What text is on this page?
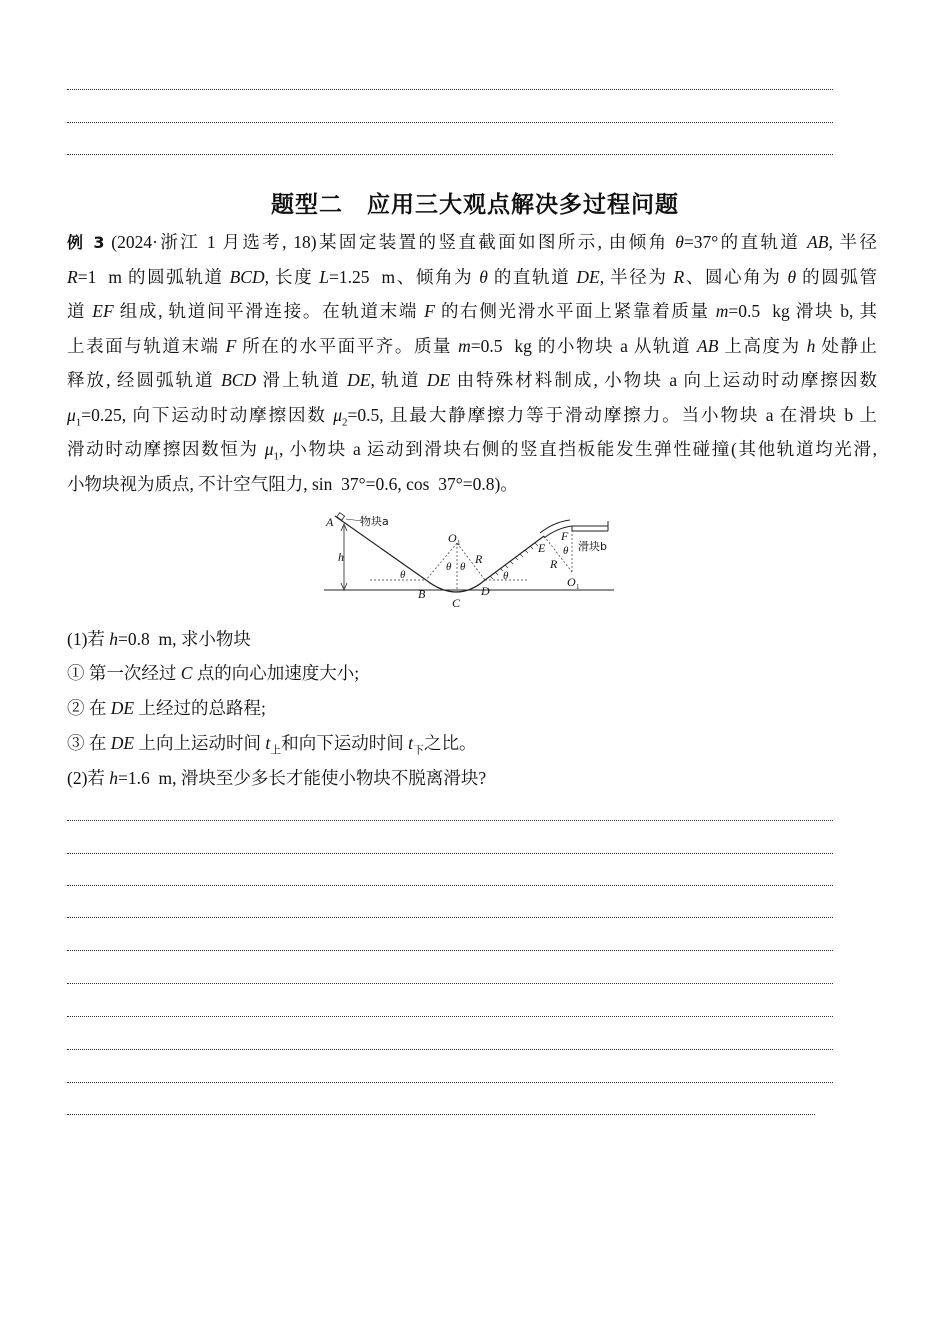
题型二　应用三大观点解决多过程问题
例 3 (2024·浙江 1 月选考, 18)某固定装置的竖直截面如图所示, 由倾角 θ=37°的直轨道 AB, 半径
R=1  m 的圆弧轨道 BCD, 长度 L=1.25  m、倾角为 θ 的直轨道 DE, 半径为 R、圆心角为 θ 的圆弧管
道 EF 组成, 轨道间平滑连接。在轨道末端 F 的右侧光滑水平面上紧靠着质量 m=0.5  kg 滑块 b, 其
上表面与轨道末端 F 所在的水平面平齐。质量 m=0.5  kg 的小物块 a 从轨道 AB 上高度为 h 处静止
释放, 经圆弧轨道 BCD 滑上轨道 DE, 轨道 DE 由特殊材料制成, 小物块 a 向上运动时动摩擦因数
$\mu_1=0.25$, 向下运动时动摩擦因数 $\mu_2=0.5$, 且最大静摩擦力等于滑动摩擦力。当小物块 a 在滑块 b 上
滑动时动摩擦因数恒为 $\mu_1$, 小物块 a 运动到滑块右侧的竖直挡板能发生弹性碰撞(其他轨道均光滑,
小物块视为质点, 不计空气阻力, sin  37°=0.6, cos  37°=0.8)。
A
h
物块a
O 1
θ θ
R
θ
B
C
D
θ
E
F
θ
R
滑块b
O 1
(1)若 h=0.8  m, 求小物块
① 第一次经过 C 点的向心加速度大小;
② 在 DE 上经过的总路程;
③ 在 DE 上向上运动时间 $t_上$和向下运动时间 $t_下$之比。
(2)若 h=1.6  m, 滑块至少多长才能使小物块不脱离滑块?
